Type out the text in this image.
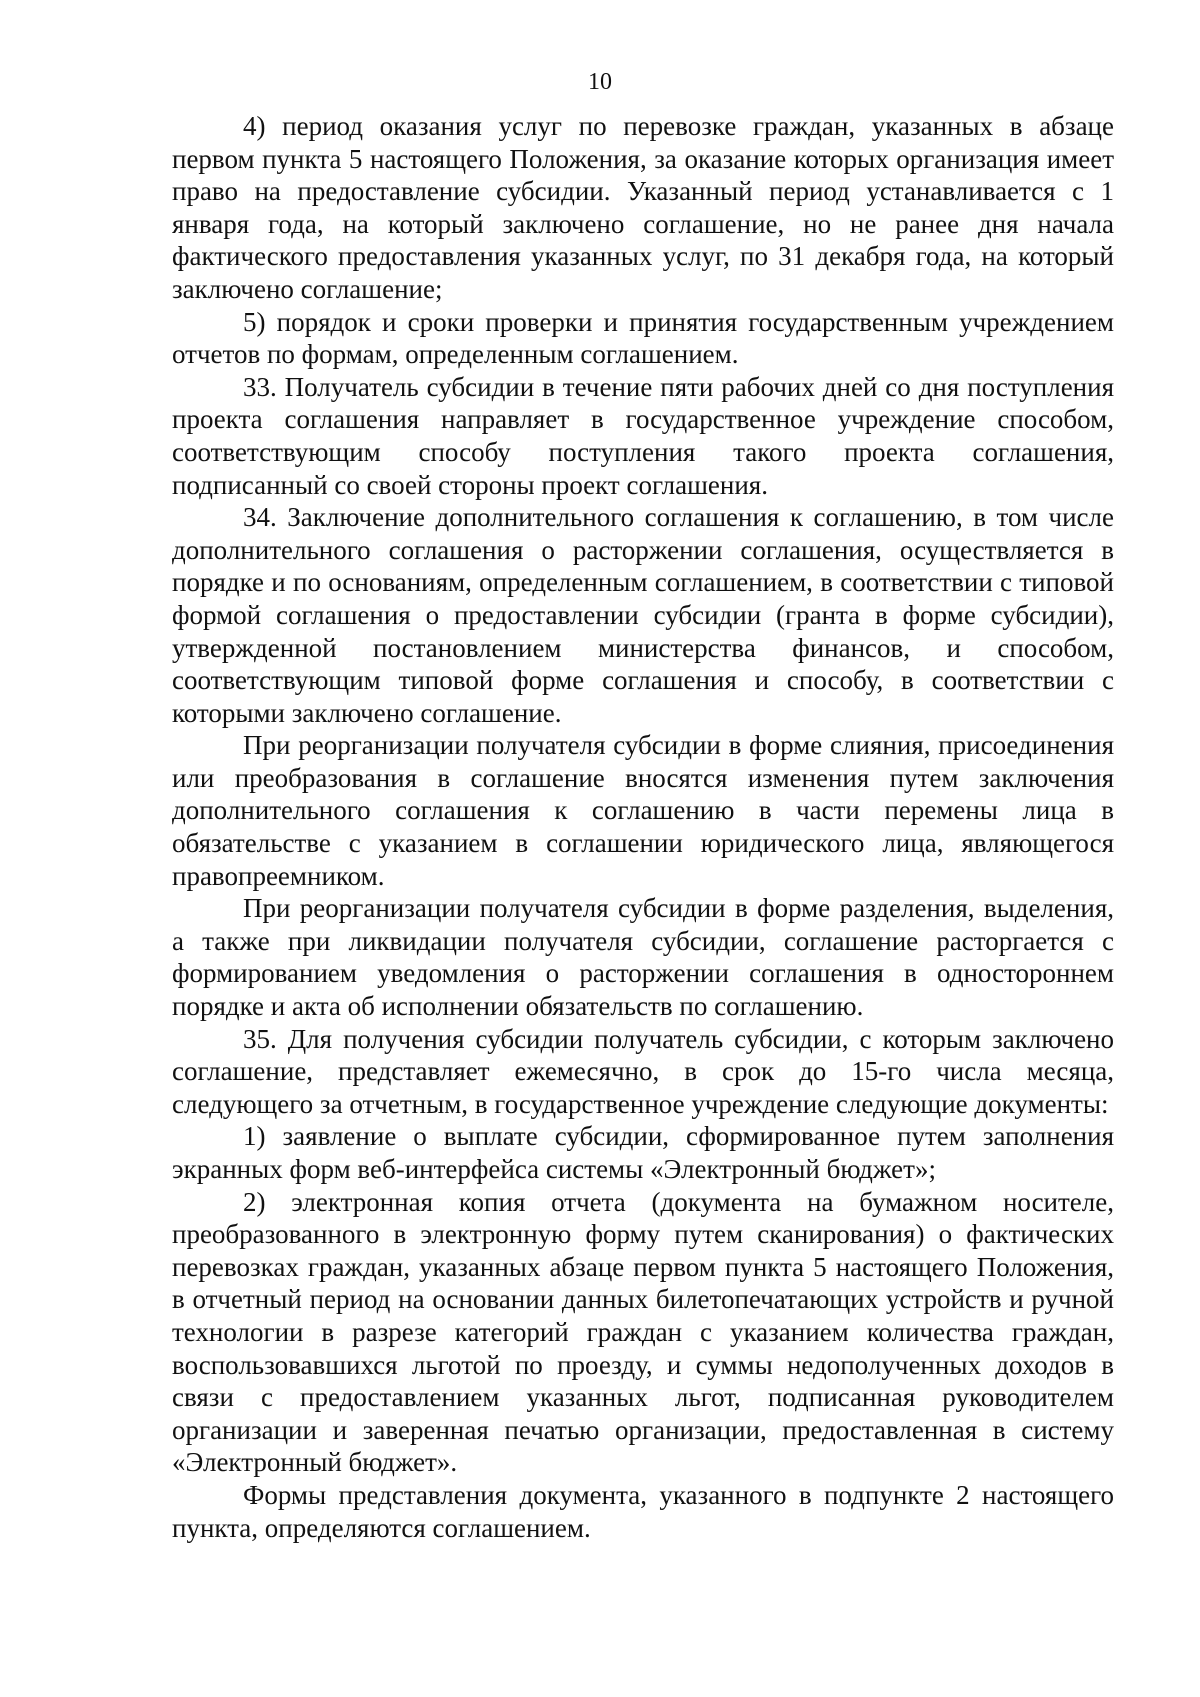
10

4) период оказания услуг по перевозке граждан, указанных в абзаце первом пункта 5 настоящего Положения, за оказание которых организация имеет право на предоставление субсидии. Указанный период устанавливается с 1 января года, на который заключено соглашение, но не ранее дня начала фактического предоставления указанных услуг, по 31 декабря года, на который заключено соглашение;

5) порядок и сроки проверки и принятия государственным учреждением отчетов по формам, определенным соглашением.

33. Получатель субсидии в течение пяти рабочих дней со дня поступления проекта соглашения направляет в государственное учреждение способом, соответствующим способу поступления такого проекта соглашения, подписанный со своей стороны проект соглашения.

34. Заключение дополнительного соглашения к соглашению, в том числе дополнительного соглашения о расторжении соглашения, осуществляется в порядке и по основаниям, определенным соглашением, в соответствии с типовой формой соглашения о предоставлении субсидии (гранта в форме субсидии), утвержденной постановлением министерства финансов, и способом, соответствующим типовой форме соглашения и способу, в соответствии с которыми заключено соглашение.

При реорганизации получателя субсидии в форме слияния, присоединения или преобразования в соглашение вносятся изменения путем заключения дополнительного соглашения к соглашению в части перемены лица в обязательстве с указанием в соглашении юридического лица, являющегося правопреемником.

При реорганизации получателя субсидии в форме разделения, выделения, а также при ликвидации получателя субсидии, соглашение расторгается с формированием уведомления о расторжении соглашения в одностороннем порядке и акта об исполнении обязательств по соглашению.

35. Для получения субсидии получатель субсидии, с которым заключено соглашение, представляет ежемесячно, в срок до 15-го числа месяца, следующего за отчетным, в государственное учреждение следующие документы:

1) заявление о выплате субсидии, сформированное путем заполнения экранных форм веб-интерфейса системы «Электронный бюджет»;

2) электронная копия отчета (документа на бумажном носителе, преобразованного в электронную форму путем сканирования) о фактических перевозках граждан, указанных абзаце первом пункта 5 настоящего Положения, в отчетный период на основании данных билетопечатающих устройств и ручной технологии в разрезе категорий граждан с указанием количества граждан, воспользовавшихся льготой по проезду, и суммы недополученных доходов в связи с предоставлением указанных льгот, подписанная руководителем организации и заверенная печатью организации, предоставленная в систему «Электронный бюджет».

Формы представления документа, указанного в подпункте 2 настоящего пункта, определяются соглашением.
